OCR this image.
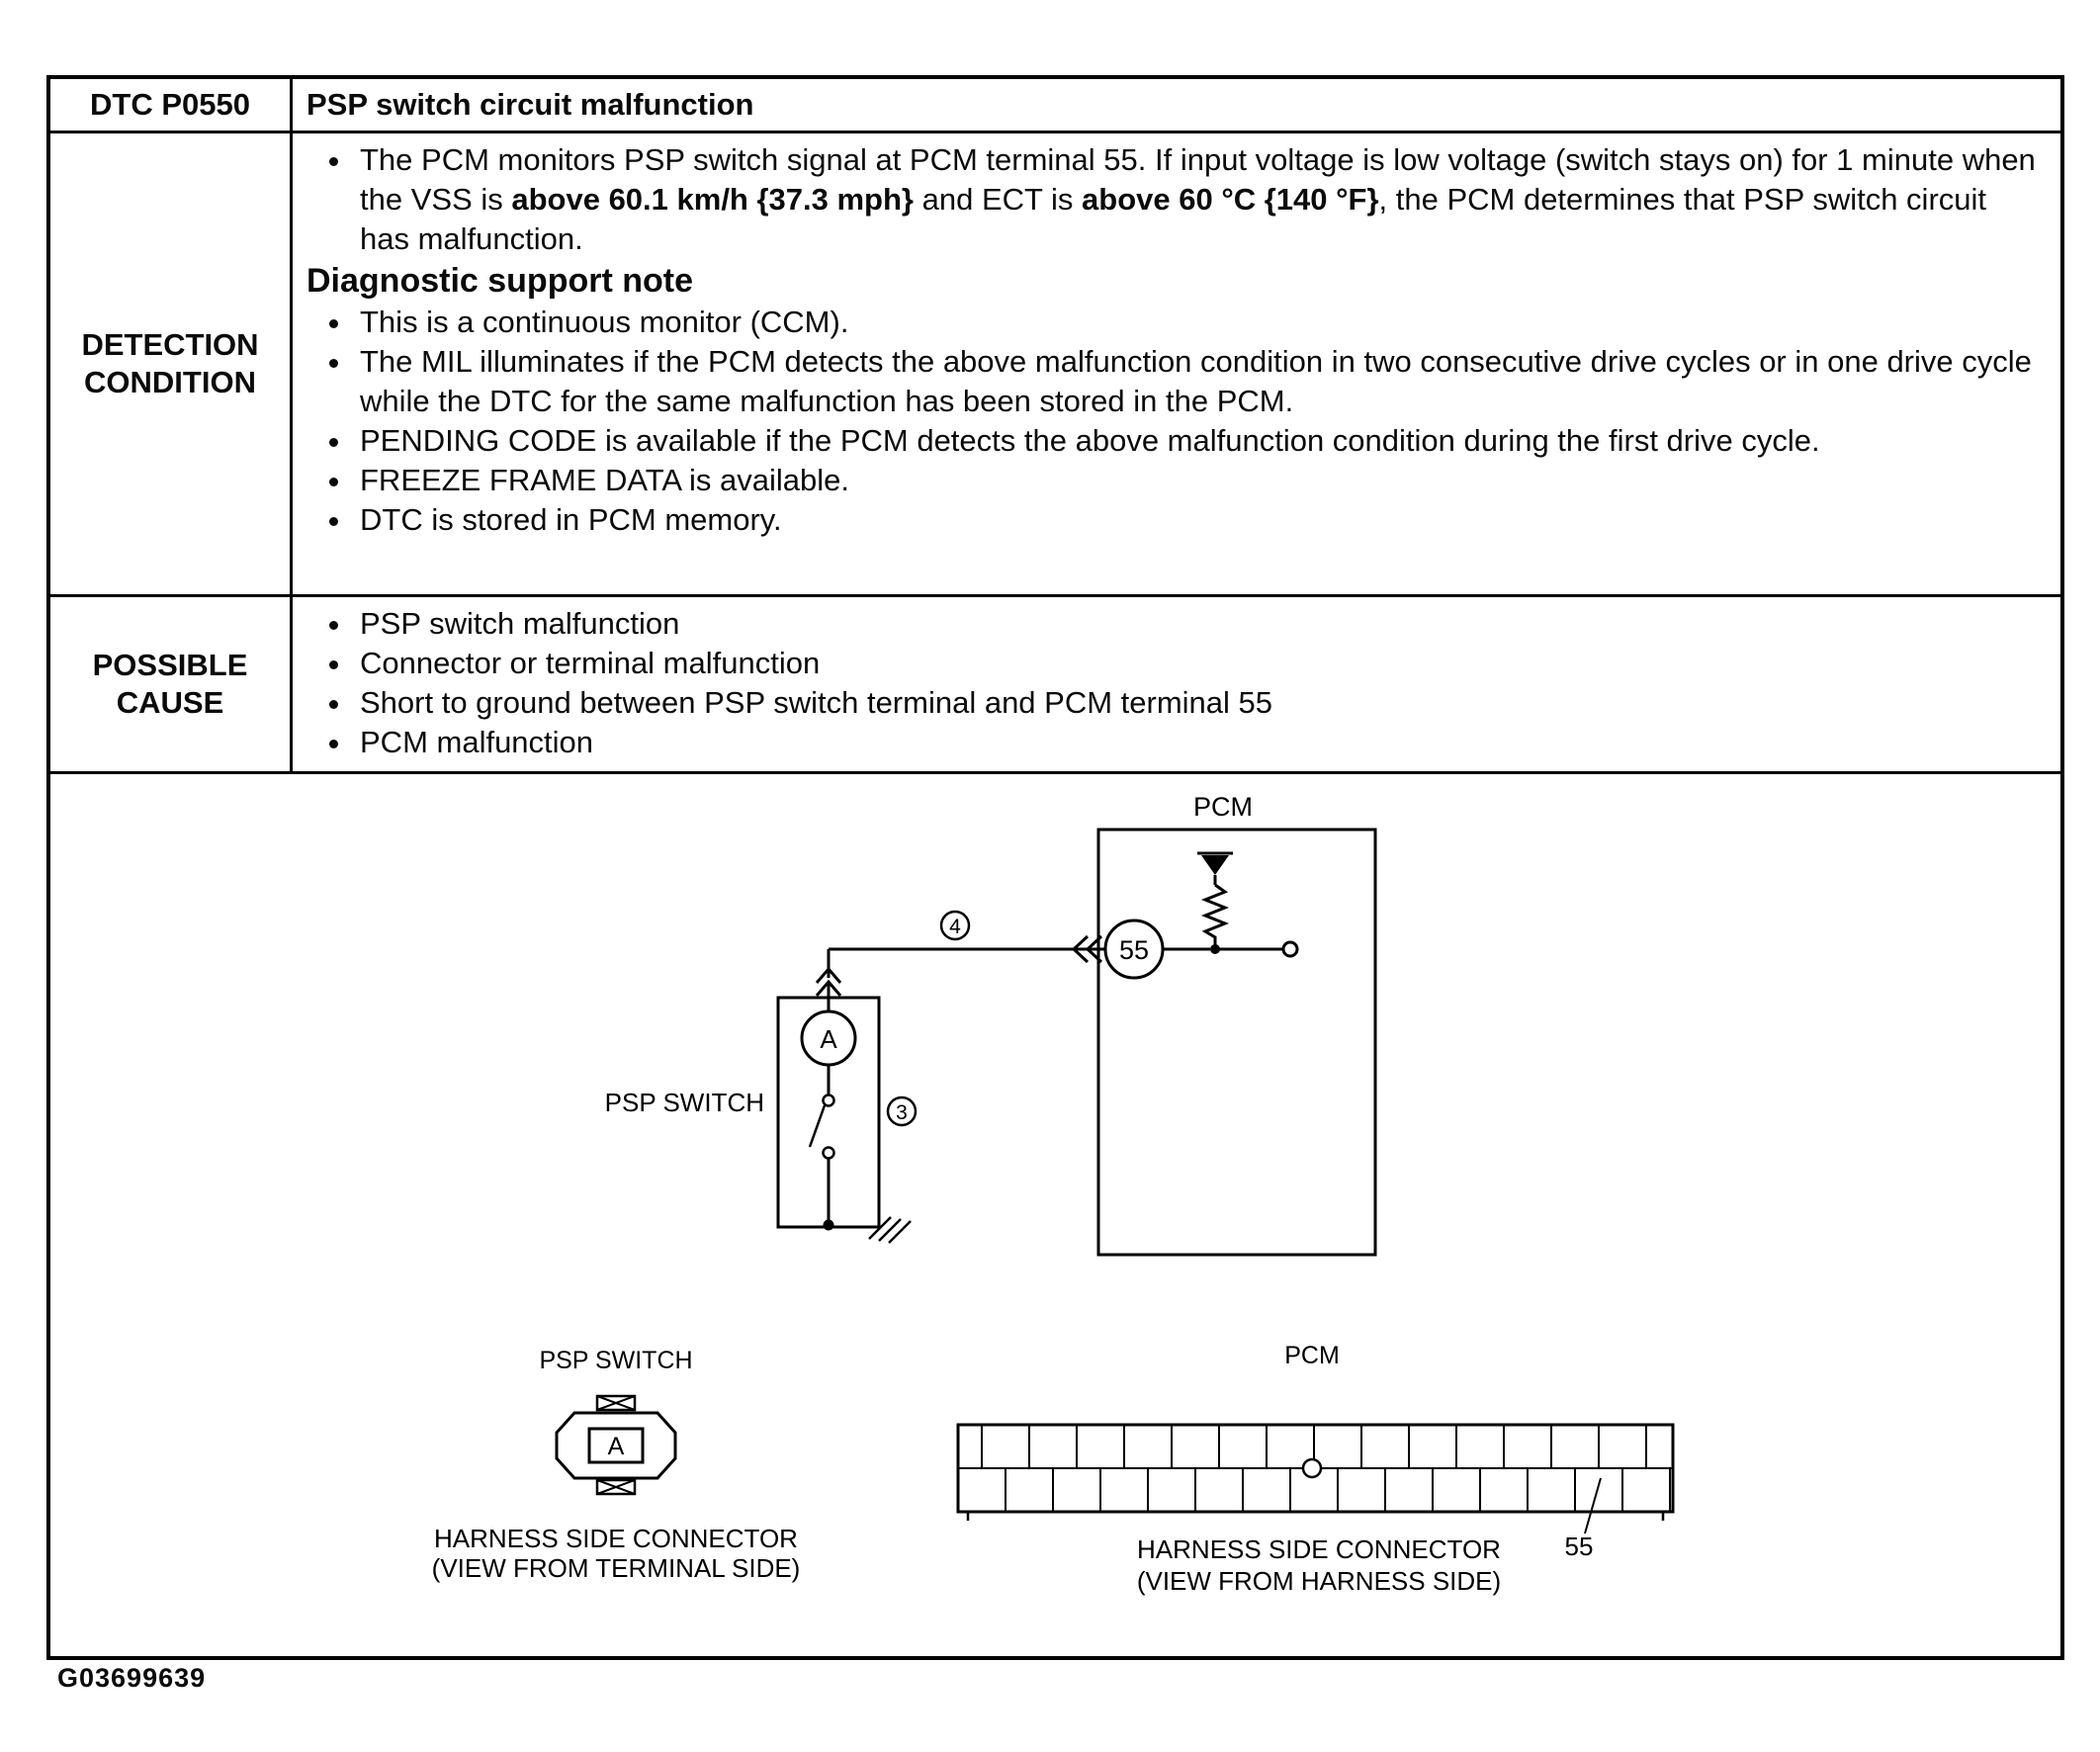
DTC P0550	PSP switch circuit malfunction
DETECTION
CONDITION
• The PCM monitors PSP switch signal at PCM terminal 55. If input voltage is low voltage (switch stays on) for 1 minute when the VSS is above 60.1 km/h {37.3 mph} and ECT is above 60 °C {140 °F}, the PCM determines that PSP switch circuit has malfunction.
Diagnostic support note
• This is a continuous monitor (CCM).
• The MIL illuminates if the PCM detects the above malfunction condition in two consecutive drive cycles or in one drive cycle while the DTC for the same malfunction has been stored in the PCM.
• PENDING CODE is available if the PCM detects the above malfunction condition during the first drive cycle.
• FREEZE FRAME DATA is available.
• DTC is stored in PCM memory.
POSSIBLE
CAUSE
• PSP switch malfunction
• Connector or terminal malfunction
• Short to ground between PSP switch terminal and PCM terminal 55
• PCM malfunction
PCM
55
4
A
PSP SWITCH	3
PSP SWITCH
A
HARNESS SIDE CONNECTOR
(VIEW FROM TERMINAL SIDE)
PCM
55
HARNESS SIDE CONNECTOR
(VIEW FROM HARNESS SIDE)
G03699639
